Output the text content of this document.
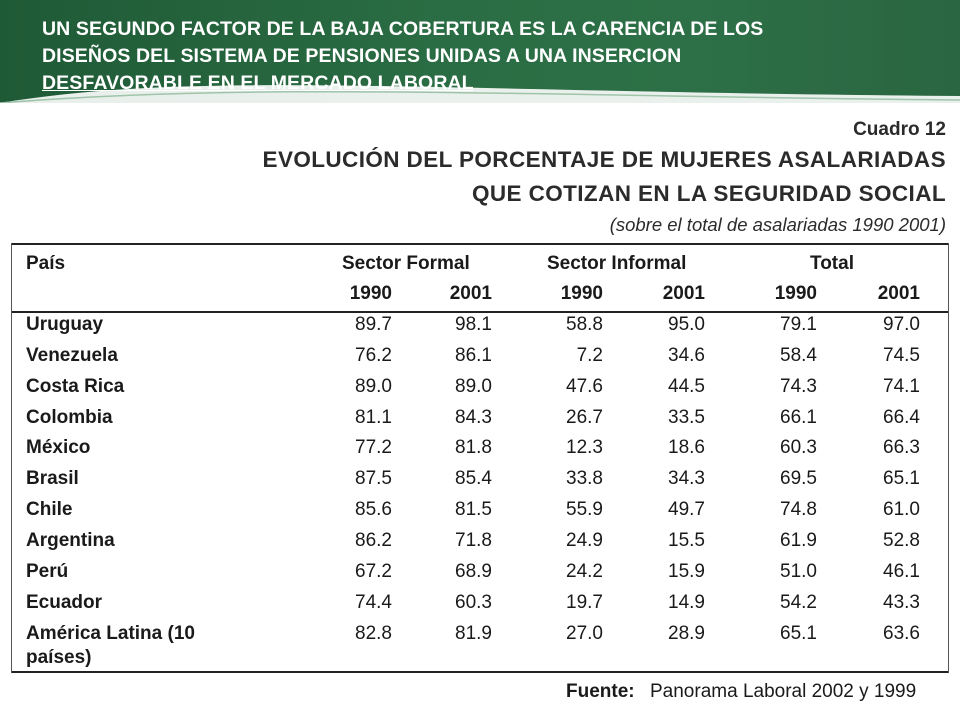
UN SEGUNDO FACTOR DE LA BAJA COBERTURA ES LA CARENCIA DE LOS
DISEÑOS DEL SISTEMA DE PENSIONES UNIDAS A UNA INSERCION
DESFAVORABLE EN EL MERCADO LABORAL

Cuadro 12

EVOLUCIÓN DEL PORCENTAJE DE MUJERES ASALARIADAS

QUE COTIZAN EN LA SEGURIDAD SOCIAL

(sobre el total de asalariadas 1990 2001)

País	Sector Formal	Sector Informal	Total
1990	2001	1990	2001	1990	2001
Uruguay	89.7	98.1	58.8	95.0	79.1	97.0
Venezuela	76.2	86.1	7.2	34.6	58.4	74.5
Costa Rica	89.0	89.0	47.6	44.5	74.3	74.1
Colombia	81.1	84.3	26.7	33.5	66.1	66.4
México	77.2	81.8	12.3	18.6	60.3	66.3
Brasil	87.5	85.4	33.8	34.3	69.5	65.1
Chile	85.6	81.5	55.9	49.7	74.8	61.0
Argentina	86.2	71.8	24.9	15.5	61.9	52.8
Perú	67.2	68.9	24.2	15.9	51.0	46.1
Ecuador	74.4	60.3	19.7	14.9	54.2	43.3
América Latina (10
países)
82.8	81.9	27.0	28.9	65.1	63.6
Fuente: Panorama Laboral 2002 y 1999
